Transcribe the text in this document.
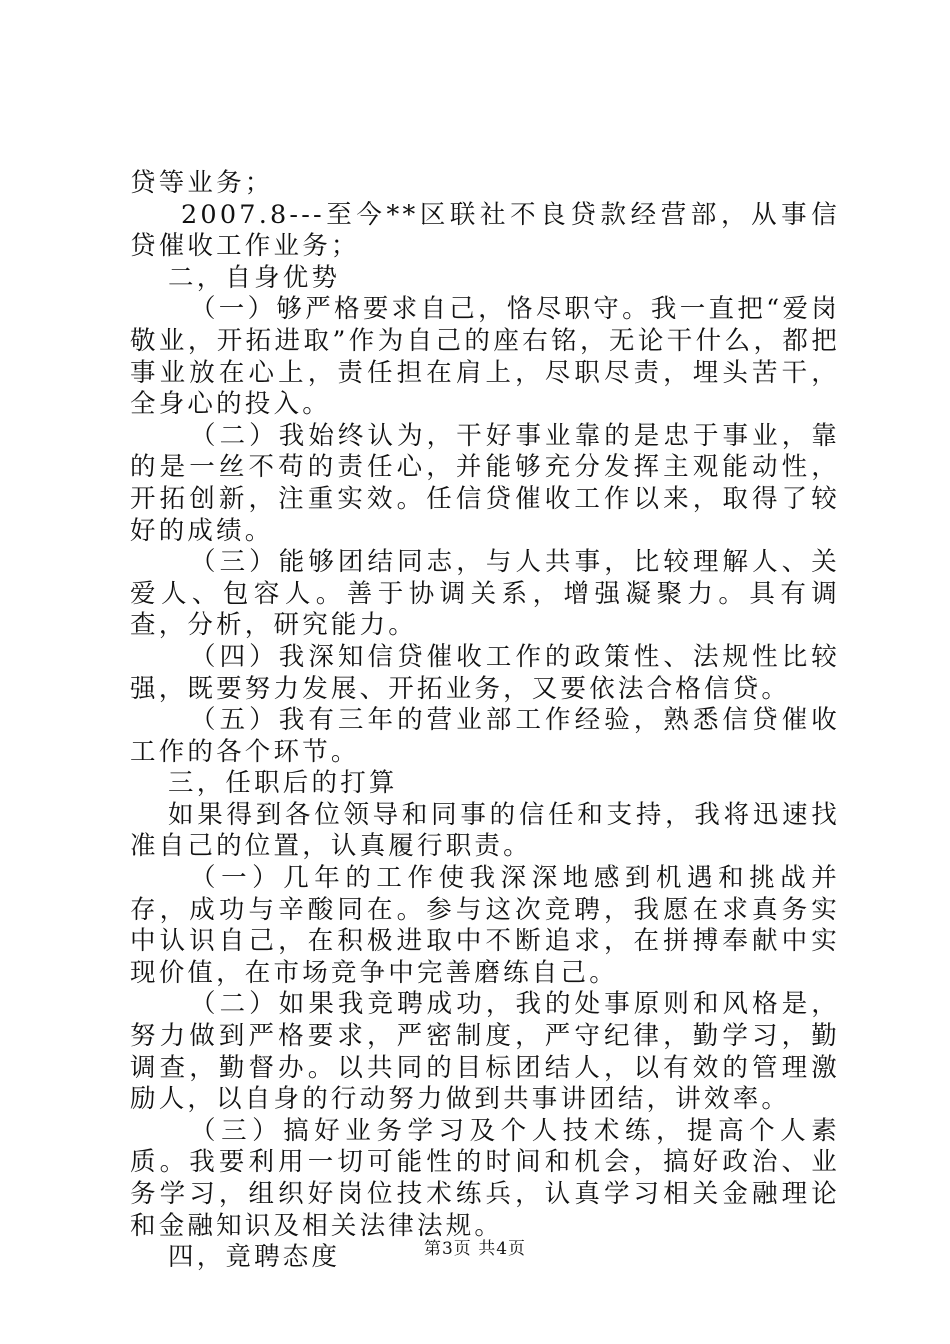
贷等业务；

2007.8---至今**区联社不良贷款经营部，从事信贷催收工作业务；

二，自身优势

（一）够严格要求自己，恪尽职守。我一直把“爱岗敬业，开拓进取”作为自己的座右铭，无论干什么，都把事业放在心上，责任担在肩上，尽职尽责，埋头苦干，全身心的投入。

（二）我始终认为，干好事业靠的是忠于事业，靠的是一丝不苟的责任心，并能够充分发挥主观能动性，开拓创新，注重实效。任信贷催收工作以来，取得了较好的成绩。

（三）能够团结同志，与人共事，比较理解人、关爱人、包容人。善于协调关系，增强凝聚力。具有调查，分析，研究能力。

（四）我深知信贷催收工作的政策性、法规性比较强，既要努力发展、开拓业务，又要依法合格信贷。

（五）我有三年的营业部工作经验，熟悉信贷催收工作的各个环节。

三，任职后的打算

如果得到各位领导和同事的信任和支持，我将迅速找准自己的位置，认真履行职责。

（一）几年的工作使我深深地感到机遇和挑战并存，成功与辛酸同在。参与这次竞聘，我愿在求真务实中认识自己，在积极进取中不断追求，在拼搏奉献中实现价值，在市场竞争中完善磨练自己。

（二）如果我竞聘成功，我的处事原则和风格是，努力做到严格要求，严密制度，严守纪律，勤学习，勤调查，勤督办。以共同的目标团结人，以有效的管理激励人，以自身的行动努力做到共事讲团结，讲效率。

（三）搞好业务学习及个人技术练，提高个人素质。我要利用一切可能性的时间和机会，搞好政治、业务学习，组织好岗位技术练兵，认真学习相关金融理论和金融知识及相关法律法规。

四，竟聘态度	第3页 共4页
